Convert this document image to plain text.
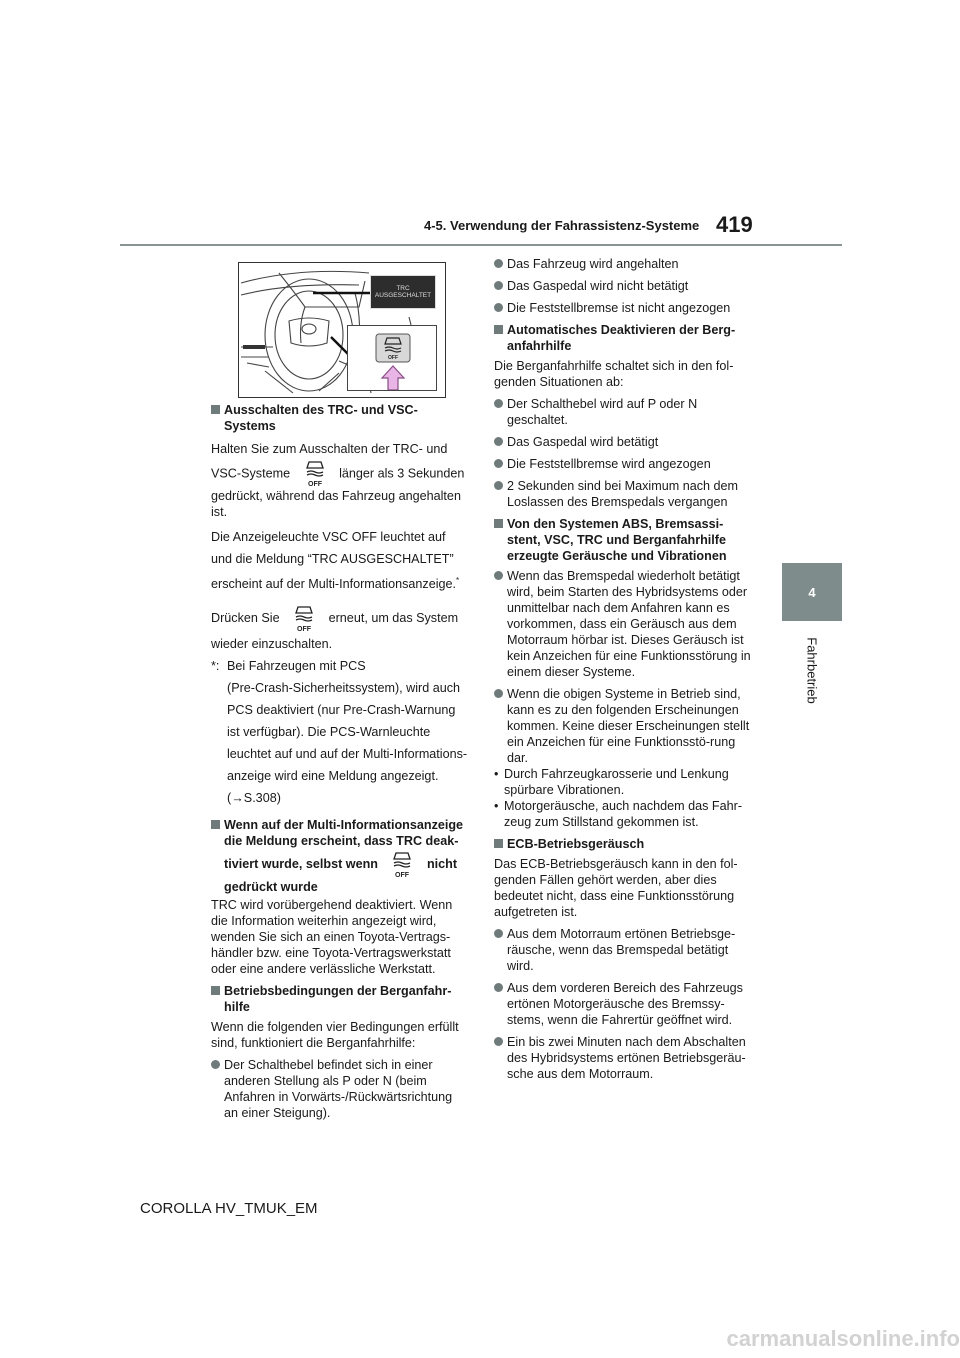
4-5. Verwendung der Fahrassistenz-Systeme 419
4
Fahrbetrieb
TRC AUSGESCHALTET
OFF
Ausschalten des TRC- und VSC-Systems

Halten Sie zum Ausschalten der TRC- und

VSC-Systeme
OFF
länger als 3 Sekunden

gedrückt, während das Fahrzeug angehalten ist.

Die Anzeigeleuchte VSC OFF leuchtet auf

und die Meldung “TRC AUSGESCHALTET”

erscheint auf der Multi-Informationsanzeige.*

Drücken Sie
OFF
erneut, um das System

wieder einzuschalten.

*: Bei Fahrzeugen mit PCS
(Pre-Crash-Sicherheitssystem), wird auch
PCS deaktiviert (nur Pre-Crash-Warnung
ist verfügbar). Die PCS-Warnleuchte
leuchtet auf und auf der Multi-Informations-
anzeige wird eine Meldung angezeigt.
(→S.308)
Wenn auf der Multi-Informationsanzeige die Meldung erscheint, dass TRC deak-
tiviert wurde, selbst wenn
OFF
nicht
gedrückt wurde

TRC wird vorübergehend deaktiviert. Wenn die Information weiterhin angezeigt wird, wenden Sie sich an einen Toyota-Vertrags-händler bzw. eine Toyota-Vertragswerkstatt oder eine andere verlässliche Werkstatt.

Betriebsbedingungen der Berganfahr-hilfe

Wenn die folgenden vier Bedingungen erfüllt sind, funktioniert die Berganfahrhilfe:

Der Schalthebel befindet sich in einer anderen Stellung als P oder N (beim Anfahren in Vorwärts-/Rückwärtsrichtung an einer Steigung).
Das Fahrzeug wird angehalten
Das Gaspedal wird nicht betätigt
Die Feststellbremse ist nicht angezogen
Automatisches Deaktivieren der Berg-anfahrhilfe

Die Berganfahrhilfe schaltet sich in den fol-genden Situationen ab:

Der Schalthebel wird auf P oder N geschaltet.
Das Gaspedal wird betätigt
Die Feststellbremse wird angezogen
2 Sekunden sind bei Maximum nach dem Loslassen des Bremspedals vergangen
Von den Systemen ABS, Bremsassi-stent, VSC, TRC und Berganfahrhilfe erzeugte Geräusche und Vibrationen
Wenn das Bremspedal wiederholt betätigt wird, beim Starten des Hybridsystems oder unmittelbar nach dem Anfahren kann es vorkommen, dass ein Geräusch aus dem Motorraum hörbar ist. Dieses Geräusch ist kein Anzeichen für eine Funktionsstörung in einem dieser Systeme.
Wenn die obigen Systeme in Betrieb sind, kann es zu den folgenden Erscheinungen kommen. Keine dieser Erscheinungen stellt ein Anzeichen für eine Funktionsstö-rung dar.
• Durch Fahrzeugkarosserie und Lenkung spürbare Vibrationen.
• Motorgeräusche, auch nachdem das Fahr-zeug zum Stillstand gekommen ist.
ECB-Betriebsgeräusch

Das ECB-Betriebsgeräusch kann in den fol-genden Fällen gehört werden, aber dies bedeutet nicht, dass eine Funktionsstörung aufgetreten ist.

Aus dem Motorraum ertönen Betriebsge-räusche, wenn das Bremspedal betätigt wird.
Aus dem vorderen Bereich des Fahrzeugs ertönen Motorgeräusche des Bremssy-stems, wenn die Fahrertür geöffnet wird.
Ein bis zwei Minuten nach dem Abschalten des Hybridsystems ertönen Betriebsgeräu-sche aus dem Motorraum.
COROLLA HV_TMUK_EM
carmanualsonline.info
